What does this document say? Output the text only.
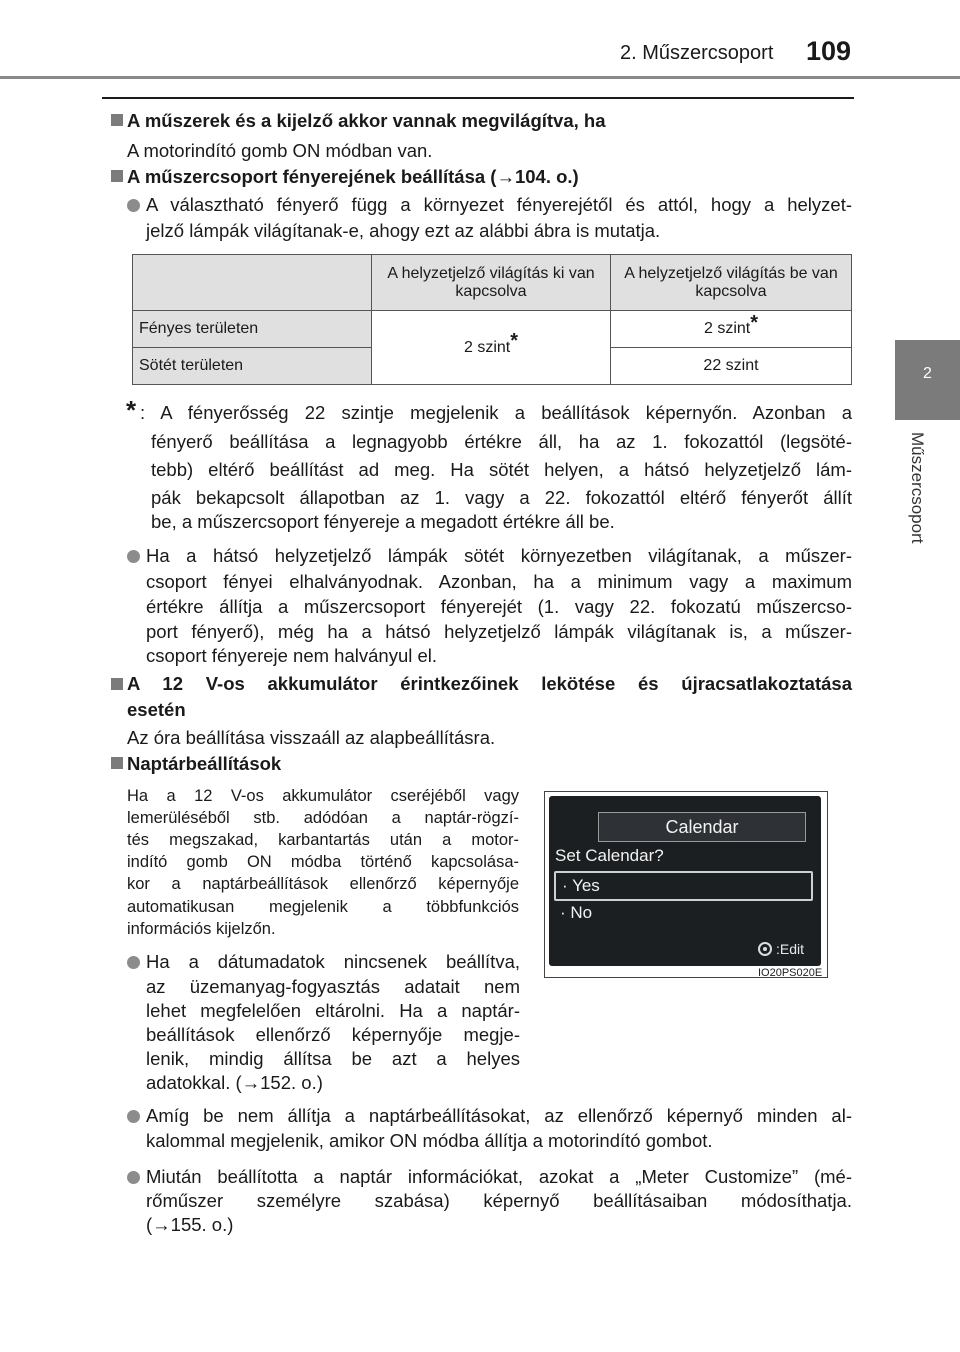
2. Műszercsoport 109
2
Műszercsoport
A műszerek és a kijelző akkor vannak megvilágítva, ha
A motorindító gomb ON módban van.
A műszercsoport fényerejének beállítása (→104. o.)
A választható fényerő függ a környezet fényerejétől és attól, hogy a helyzet-
jelző lámpák világítanak-e, ahogy ezt az alábbi ábra is mutatja.
	A helyzetjelző világítás ki van kapcsolva	A helyzetjelző világítás be van kapcsolva
Fényes területen	2 szint*	2 szint*
Sötét területen		22 szint
* : A fényerősség 22 szintje megjelenik a beállítások képernyőn. Azonban a
fényerő beállítása a legnagyobb értékre áll, ha az 1. fokozattól (legsöté-
tebb) eltérő beállítást ad meg. Ha sötét helyen, a hátsó helyzetjelző lám-
pák bekapcsolt állapotban az 1. vagy a 22. fokozattól eltérő fényerőt állít
be, a műszercsoport fényereje a megadott értékre áll be.
Ha a hátsó helyzetjelző lámpák sötét környezetben világítanak, a műszer-
csoport fényei elhalványodnak. Azonban, ha a minimum vagy a maximum
értékre állítja a műszercsoport fényerejét (1. vagy 22. fokozatú műszercso-
port fényerő), még ha a hátsó helyzetjelző lámpák világítanak is, a műszer-
csoport fényereje nem halványul el.
A 12 V-os akkumulátor érintkezőinek lekötése és újracsatlakoztatása
esetén
Az óra beállítása visszaáll az alapbeállításra.
Naptárbeállítások
Ha a 12 V-os akkumulátor cseréjéből vagy
lemerüléséből stb. adódóan a naptár-rögzí-
tés megszakad, karbantartás után a motor-
indító gomb ON módba történő kapcsolása-
kor a naptárbeállítások ellenőrző képernyője
automatikusan megjelenik a többfunkciós
információs kijelzőn.
Ha a dátumadatok nincsenek beállítva,
az üzemanyag-fogyasztás adatait nem
lehet megfelelően eltárolni. Ha a naptár-
beállítások ellenőrző képernyője megje-
lenik, mindig állítsa be azt a helyes
adatokkal. (→152. o.)
Amíg be nem állítja a naptárbeállításokat, az ellenőrző képernyő minden al-
kalommal megjelenik, amikor ON módba állítja a motorindító gombot.
Miután beállította a naptár információkat, azokat a „Meter Customize” (mé-
rőműszer személyre szabása) képernyő beállításaiban módosíthatja.
(→155. o.)
Calendar
Set Calendar?
· Yes
· No
:Edit
IO20PS020E
